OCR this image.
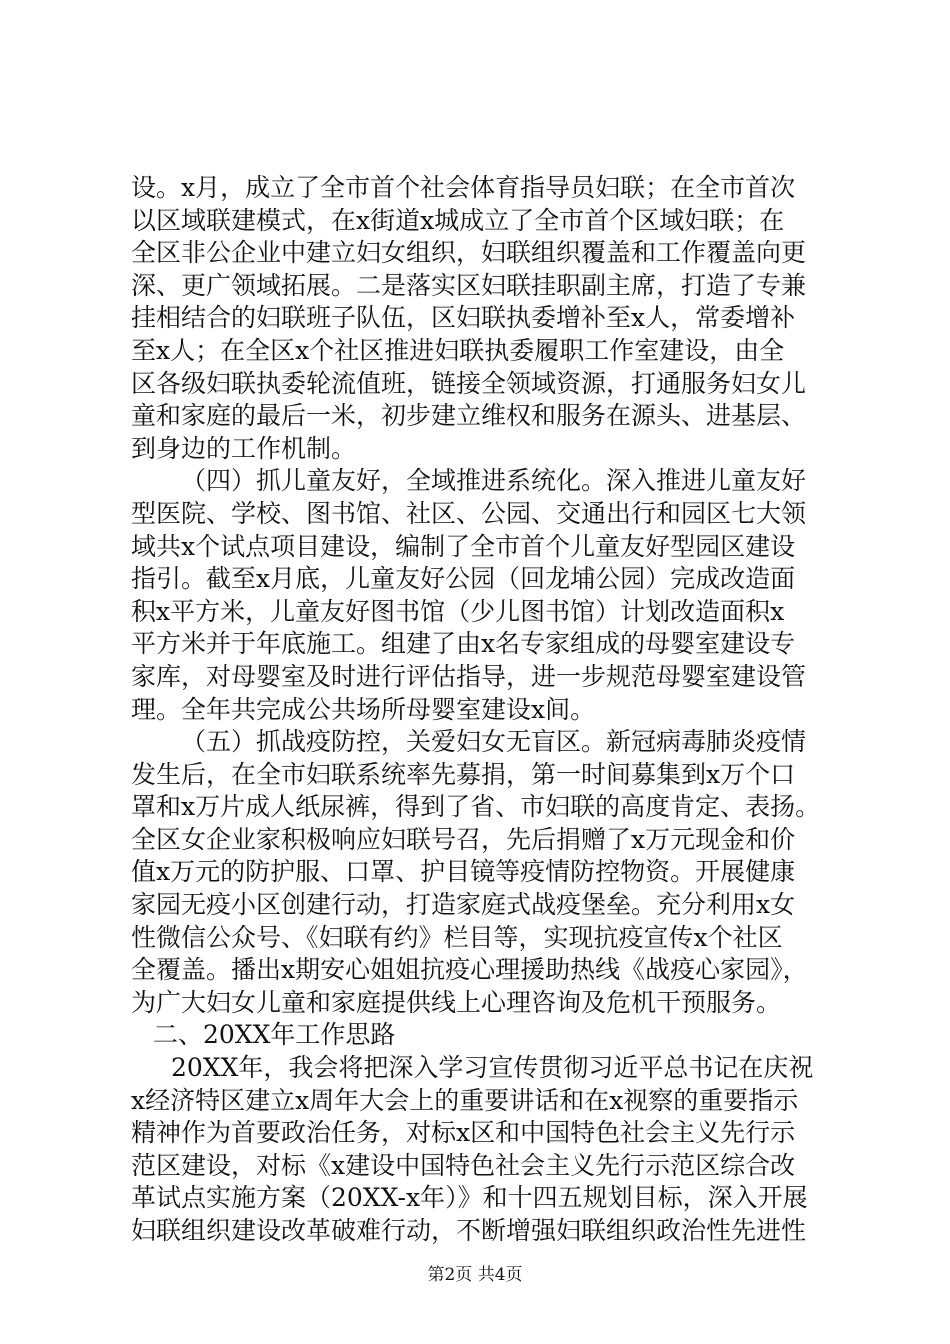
设。x月，成立了全市首个社会体育指导员妇联；在全市首次
以区域联建模式，在x街道x城成立了全市首个区域妇联；在
全区非公企业中建立妇女组织，妇联组织覆盖和工作覆盖向更
深、更广领域拓展。二是落实区妇联挂职副主席，打造了专兼
挂相结合的妇联班子队伍，区妇联执委增补至x人，常委增补
至x人；在全区x个社区推进妇联执委履职工作室建设，由全
区各级妇联执委轮流值班，链接全领域资源，打通服务妇女儿
童和家庭的最后一米，初步建立维权和服务在源头、进基层、
到身边的工作机制。
（四）抓儿童友好，全域推进系统化。深入推进儿童友好
型医院、学校、图书馆、社区、公园、交通出行和园区七大领
域共x个试点项目建设，编制了全市首个儿童友好型园区建设
指引。截至x月底，儿童友好公园（回龙埔公园）完成改造面
积x平方米，儿童友好图书馆（少儿图书馆）计划改造面积x
平方米并于年底施工。组建了由x名专家组成的母婴室建设专
家库，对母婴室及时进行评估指导，进一步规范母婴室建设管
理。全年共完成公共场所母婴室建设x间。
（五）抓战疫防控，关爱妇女无盲区。新冠病毒肺炎疫情
发生后，在全市妇联系统率先募捐，第一时间募集到x万个口
罩和x万片成人纸尿裤，得到了省、市妇联的高度肯定、表扬。
全区女企业家积极响应妇联号召，先后捐赠了x万元现金和价
值x万元的防护服、口罩、护目镜等疫情防控物资。开展健康
家园无疫小区创建行动，打造家庭式战疫堡垒。充分利用x女
性微信公众号、《妇联有约》栏目等，实现抗疫宣传x个社区
全覆盖。播出x期安心姐姐抗疫心理援助热线《战疫心家园》，
为广大妇女儿童和家庭提供线上心理咨询及危机干预服务。
二、20XX年工作思路
20XX年，我会将把深入学习宣传贯彻习近平总书记在庆祝
x经济特区建立x周年大会上的重要讲话和在x视察的重要指示
精神作为首要政治任务，对标x区和中国特色社会主义先行示
范区建设，对标《x建设中国特色社会主义先行示范区综合改
革试点实施方案（20XX-x年）》和十四五规划目标，深入开展
妇联组织建设改革破难行动，不断增强妇联组织政治性先进性
第2页 共4页
